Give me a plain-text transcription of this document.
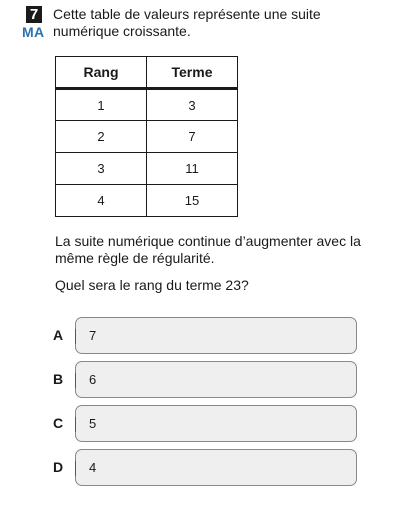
7
MA
Cette table de valeurs représente une suite numérique croissante.
Rang	Terme
1	3
2	7
3	11
4	15
La suite numérique continue d’augmenter avec la même règle de régularité.
Quel sera le rang du terme 23?
A	7
B	6
C	5
D	4
